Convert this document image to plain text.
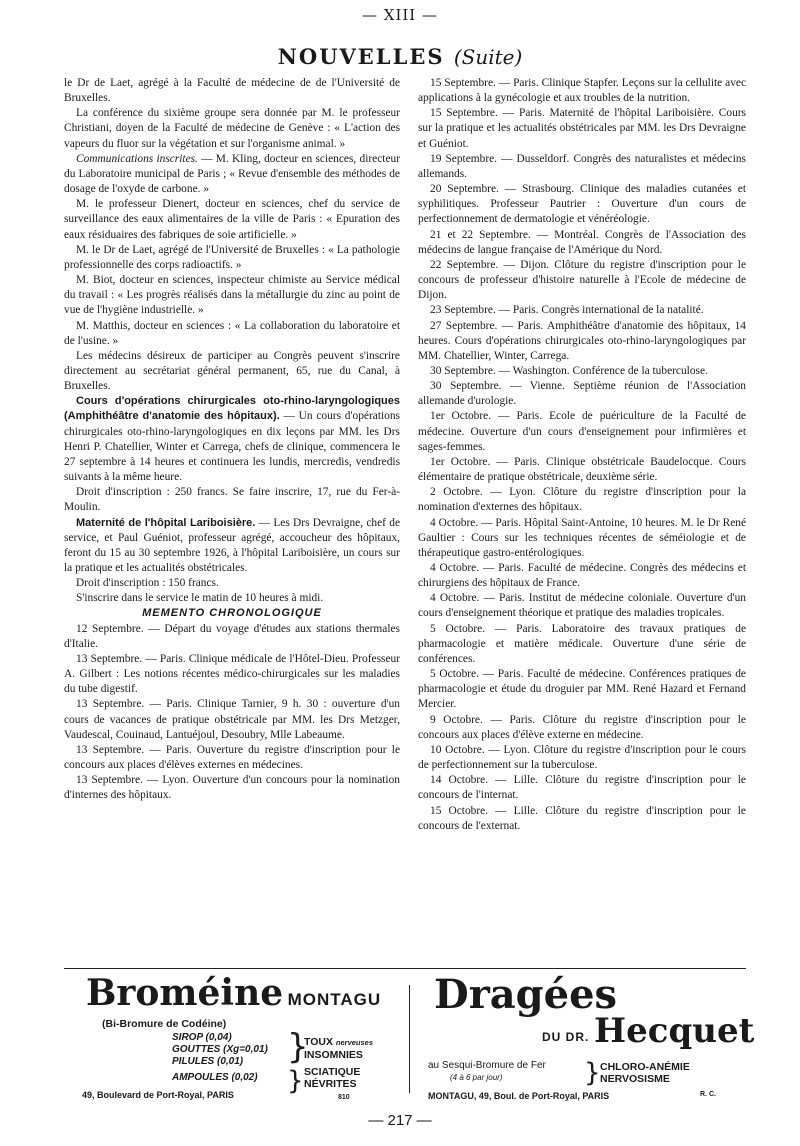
— XIII —
NOUVELLES (Suite)

le Dr de Laet, agrégé à la Faculté de médecine de de l'Université de Bruxelles.

La conférence du sixième groupe sera donnée par M. le professeur Christiani, doyen de la Faculté de médecine de Genève : « L'action des vapeurs du fluor sur la végétation et sur l'organisme animal. »

Communications inscrites. — M. Kling, docteur en sciences, directeur du Laboratoire municipal de Paris ; « Revue d'ensemble des méthodes de dosage de l'oxyde de carbone. »

M. le professeur Dienert, docteur en sciences, chef du service de surveillance des eaux alimentaires de la ville de Paris : « Epuration des eaux résiduaires des fabriques de soie artificielle. »

M. le Dr de Laet, agrégé de l'Université de Bruxelles : « La pathologie professionnelle des corps radioactifs. »

M. Biot, docteur en sciences, inspecteur chimiste au Service médical du travail : « Les progrès réalisés dans la métallurgie du zinc au point de vue de l'hygiène industrielle. »

M. Matthis, docteur en sciences : « La collaboration du laboratoire et de l'usine. »

Les médecins désireux de participer au Congrès peuvent s'inscrire directement au secrétariat général permanent, 65, rue du Canal, à Bruxelles.

Cours d'opérations chirurgicales oto-rhino-laryngologiques (Amphithéâtre d'anatomie des hôpitaux). — Un cours d'opérations chirurgicales oto-rhino-laryngologiques en dix leçons par MM. les Drs Henri P. Chatellier, Winter et Carrega, chefs de clinique, commencera le 27 septembre à 14 heures et continuera les lundis, mercredis, vendredis suivants à la même heure.

Droit d'inscription : 250 francs. Se faire inscrire, 17, rue du Fer-à-Moulin.

Maternité de l'hôpital Lariboisière. — Les Drs Devraigne, chef de service, et Paul Guéniot, professeur agrégé, accoucheur des hôpitaux, feront du 15 au 30 septembre 1926, à l'hôpital Lariboisière, un cours sur la pratique et les actualités obstétricales.

Droit d'inscription : 150 francs.

S'inscrire dans le service le matin de 10 heures à midi.

MEMENTO CHRONOLOGIQUE

12 Septembre. — Départ du voyage d'études aux stations thermales d'Italie.

13 Septembre. — Paris. Clinique médicale de l'Hôtel-Dieu. Professeur A. Gilbert : Les notions récentes médico-chirurgicales sur les maladies du tube digestif.

13 Septembre. — Paris. Clinique Tarnier, 9 h. 30 : ouverture d'un cours de vacances de pratique obstétricale par MM. les Drs Metzger, Vaudescal, Couinaud, Lantuéjoul, Desoubry, Mlle Labeaume.

13 Septembre. — Paris. Ouverture du registre d'inscription pour le concours aux places d'élèves externes en médecines.

13 Septembre. — Lyon. Ouverture d'un concours pour la nomination d'internes des hôpitaux.

15 Septembre. — Paris. Clinique Stapfer. Leçons sur la cellulite avec applications à la gynécologie et aux troubles de la nutrition.

15 Septembre. — Paris. Maternité de l'hôpital Lariboisière. Cours sur la pratique et les actualités obstétricales par MM. les Drs Devraigne et Guéniot.

19 Septembre. — Dusseldorf. Congrès des naturalistes et médecins allemands.

20 Septembre. — Strasbourg. Clinique des maladies cutanées et syphilitiques. Professeur Pautrier : Ouverture d'un cours de perfectionnement de dermatologie et vénéréologie.

21 et 22 Septembre. — Montréal. Congrès de l'Association des médecins de langue française de l'Amérique du Nord.

22 Septembre. — Dijon. Clôture du registre d'inscription pour le concours de professeur d'histoire naturelle à l'Ecole de médecine de Dijon.

23 Septembre. — Paris. Congrès international de la natalité.

27 Septembre. — Paris. Amphithéâtre d'anatomie des hôpitaux, 14 heures. Cours d'opérations chirurgicales oto-rhino-laryngologiques par MM. Chatellier, Winter, Carrega.

30 Septembre. — Washington. Conférence de la tuberculose.

30 Septembre. — Vienne. Septième réunion de l'Association allemande d'urologie.

1er Octobre. — Paris. Ecole de puériculture de la Faculté de médecine. Ouverture d'un cours d'enseignement pour infirmières et sages-femmes.

1er Octobre. — Paris. Clinique obstétricale Baudelocque. Cours élémentaire de pratique obstétricale, deuxième série.

2 Octobre. — Lyon. Clôture du registre d'inscription pour la nomination d'externes des hôpitaux.

4 Octobre. — Paris. Hôpital Saint-Antoine, 10 heures. M. le Dr René Gaultier : Cours sur les techniques récentes de séméiologie et de thérapeutique gastro-entérologiques.

4 Octobre. — Paris. Faculté de médecine. Congrès des médecins et chirurgiens des hôpitaux de France.

4 Octobre. — Paris. Institut de médecine coloniale. Ouverture d'un cours d'enseignement théorique et pratique des maladies tropicales.

5 Octobre. — Paris. Laboratoire des travaux pratiques de pharmacologie et matière médicale. Ouverture d'une série de conférences.

5 Octobre. — Paris. Faculté de médecine. Conférences pratiques de pharmacologie et étude du droguier par MM. René Hazard et Fernand Mercier.

9 Octobre. — Paris. Clôture du registre d'inscription pour le concours aux places d'élève externe en médecine.

10 Octobre. — Lyon. Clôture du registre d'inscription pour le cours de perfectionnement sur la tuberculose.

14 Octobre. — Lille. Clôture du registre d'inscription pour le concours de l'internat.

15 Octobre. — Lille. Clôture du registre d'inscription pour le concours de l'externat.

Broméine MONTAGU
(Bi-Bromure de Codéine)
SIROP (0,04)
GOUTTES (Xg=0,01)
PILULES (0,01)
AMPOULES (0,02)
}
}
TOUX nerveuses
INSOMNIES
SCIATIQUE
NÉVRITES
49, Boulevard de Port-Royal, PARIS	810
Dragées
DU DR. Hecquet
au Sesqui-Bromure de Fer
(4 à 6 par jour)	} CHLORO-ANÉMIE
NERVOSISME
MONTAGU, 49, Boul. de Port-Royal, PARIS	R. C.
— 217 —
